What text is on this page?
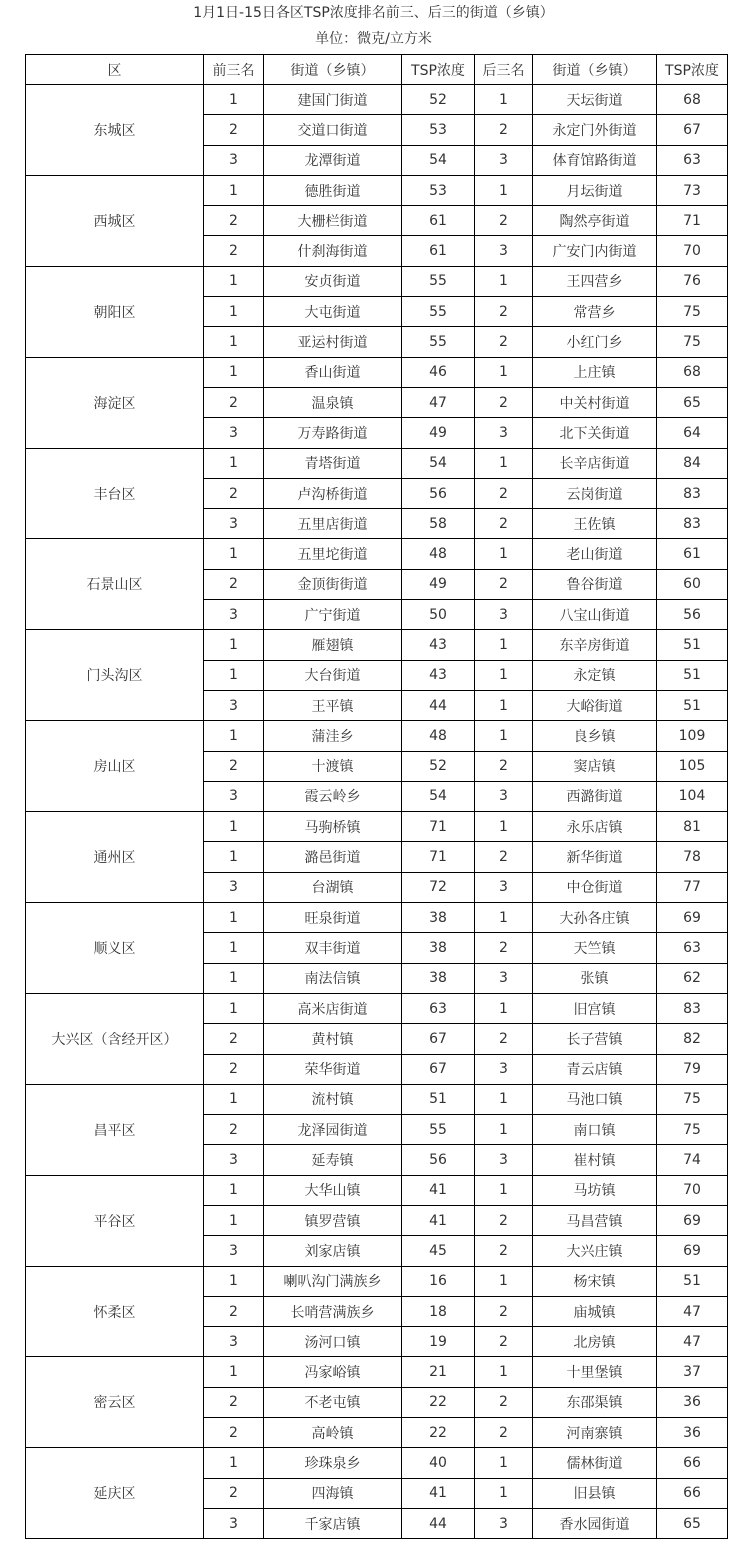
1月1日-15日各区TSP浓度排名前三、后三的街道（乡镇）
单位：微克/立方米
区	前三名	街道（乡镇）	TSP浓度	后三名	街道（乡镇）	TSP浓度
东城区	1	建国门街道	52	1	天坛街道	68
	2	交道口街道	53	2	永定门外街道	67
	3	龙潭街道	54	3	体育馆路街道	63
西城区	1	德胜街道	53	1	月坛街道	73
	2	大栅栏街道	61	2	陶然亭街道	71
	2	什刹海街道	61	3	广安门内街道	70
朝阳区	1	安贞街道	55	1	王四营乡	76
	1	大屯街道	55	2	常营乡	75
	1	亚运村街道	55	2	小红门乡	75
海淀区	1	香山街道	46	1	上庄镇	68
	2	温泉镇	47	2	中关村街道	65
	3	万寿路街道	49	3	北下关街道	64
丰台区	1	青塔街道	54	1	长辛店街道	84
	2	卢沟桥街道	56	2	云岗街道	83
	3	五里店街道	58	2	王佐镇	83
石景山区	1	五里坨街道	48	1	老山街道	61
	2	金顶街街道	49	2	鲁谷街道	60
	3	广宁街道	50	3	八宝山街道	56
门头沟区	1	雁翅镇	43	1	东辛房街道	51
	1	大台街道	43	1	永定镇	51
	3	王平镇	44	1	大峪街道	51
房山区	1	蒲洼乡	48	1	良乡镇	109
	2	十渡镇	52	2	窦店镇	105
	3	霞云岭乡	54	3	西潞街道	104
通州区	1	马驹桥镇	71	1	永乐店镇	81
	1	潞邑街道	71	2	新华街道	78
	3	台湖镇	72	3	中仓街道	77
顺义区	1	旺泉街道	38	1	大孙各庄镇	69
	1	双丰街道	38	2	天竺镇	63
	1	南法信镇	38	3	张镇	62
大兴区（含经开区）	1	高米店街道	63	1	旧宫镇	83
	2	黄村镇	67	2	长子营镇	82
	2	荣华街道	67	3	青云店镇	79
昌平区	1	流村镇	51	1	马池口镇	75
	2	龙泽园街道	55	1	南口镇	75
	3	延寿镇	56	3	崔村镇	74
平谷区	1	大华山镇	41	1	马坊镇	70
	1	镇罗营镇	41	2	马昌营镇	69
	3	刘家店镇	45	2	大兴庄镇	69
怀柔区	1	喇叭沟门满族乡	16	1	杨宋镇	51
	2	长哨营满族乡	18	2	庙城镇	47
	3	汤河口镇	19	2	北房镇	47
密云区	1	冯家峪镇	21	1	十里堡镇	37
	2	不老屯镇	22	2	东邵渠镇	36
	2	高岭镇	22	2	河南寨镇	36
延庆区	1	珍珠泉乡	40	1	儒林街道	66
	2	四海镇	41	1	旧县镇	66
	3	千家店镇	44	3	香水园街道	65
